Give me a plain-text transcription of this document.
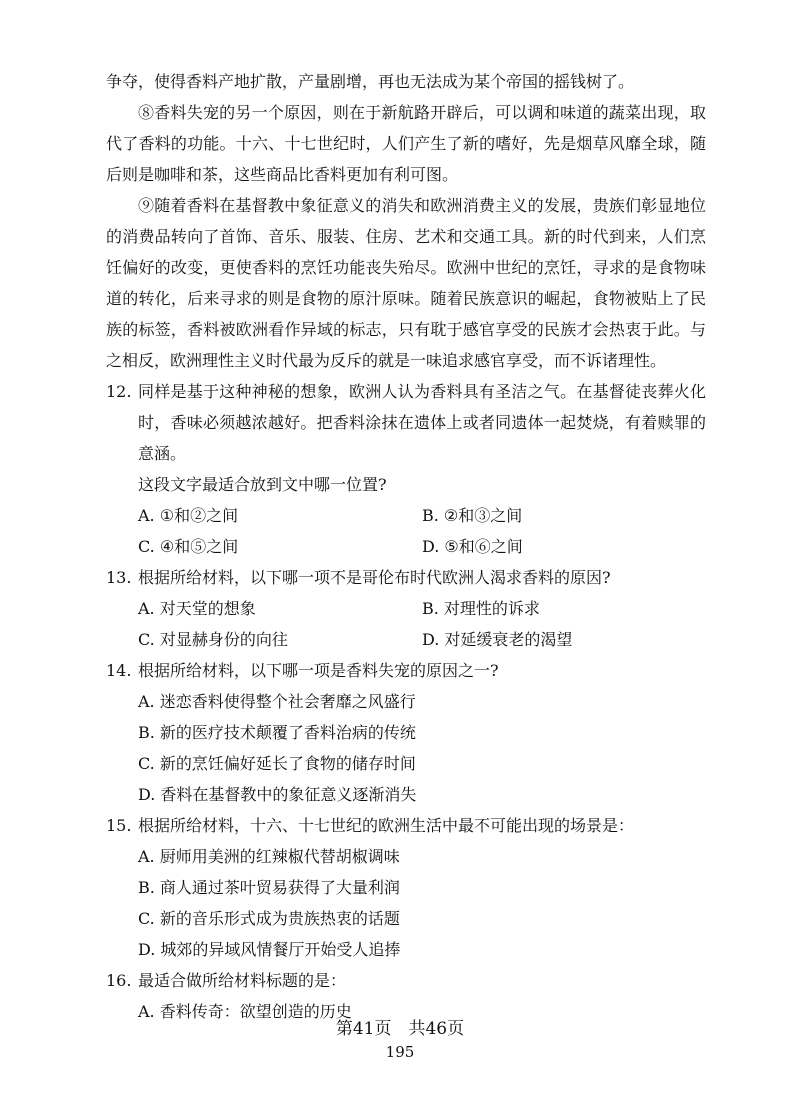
争夺，使得香料产地扩散，产量剧增，再也无法成为某个帝国的摇钱树了。

⑧香料失宠的另一个原因，则在于新航路开辟后，可以调和味道的蔬菜出现，取代了香料的功能。十六、十七世纪时，人们产生了新的嗜好，先是烟草风靡全球，随后则是咖啡和茶，这些商品比香料更加有利可图。

⑨随着香料在基督教中象征意义的消失和欧洲消费主义的发展，贵族们彰显地位的消费品转向了首饰、音乐、服装、住房、艺术和交通工具。新的时代到来，人们烹饪偏好的改变，更使香料的烹饪功能丧失殆尽。欧洲中世纪的烹饪，寻求的是食物味道的转化，后来寻求的则是食物的原汁原味。随着民族意识的崛起，食物被贴上了民族的标签，香料被欧洲看作异域的标志，只有耽于感官享受的民族才会热衷于此。与之相反，欧洲理性主义时代最为反斥的就是一味追求感官享受，而不诉诸理性。

12. 同样是基于这种神秘的想象，欧洲人认为香料具有圣洁之气。在基督徒丧葬火化时，香味必须越浓越好。把香料涂抹在遗体上或者同遗体一起焚烧，有着赎罪的意涵。

这段文字最适合放到文中哪一位置?

A. ①和②之间	B. ②和③之间
C. ④和⑤之间	D. ⑤和⑥之间

13. 根据所给材料，以下哪一项不是哥伦布时代欧洲人渴求香料的原因?

A. 对天堂的想象	B. 对理性的诉求
C. 对显赫身份的向往	D. 对延缓衰老的渴望

14. 根据所给材料，以下哪一项是香料失宠的原因之一?

A. 迷恋香料使得整个社会奢靡之风盛行
B. 新的医疗技术颠覆了香料治病的传统
C. 新的烹饪偏好延长了食物的储存时间
D. 香料在基督教中的象征意义逐渐消失

15. 根据所给材料，十六、十七世纪的欧洲生活中最不可能出现的场景是：

A. 厨师用美洲的红辣椒代替胡椒调味
B. 商人通过茶叶贸易获得了大量利润
C. 新的音乐形式成为贵族热衷的话题
D. 城郊的异域风情餐厅开始受人追捧

16. 最适合做所给材料标题的是：

A. 香料传奇：欲望创造的历史
第41页　共46页
195
